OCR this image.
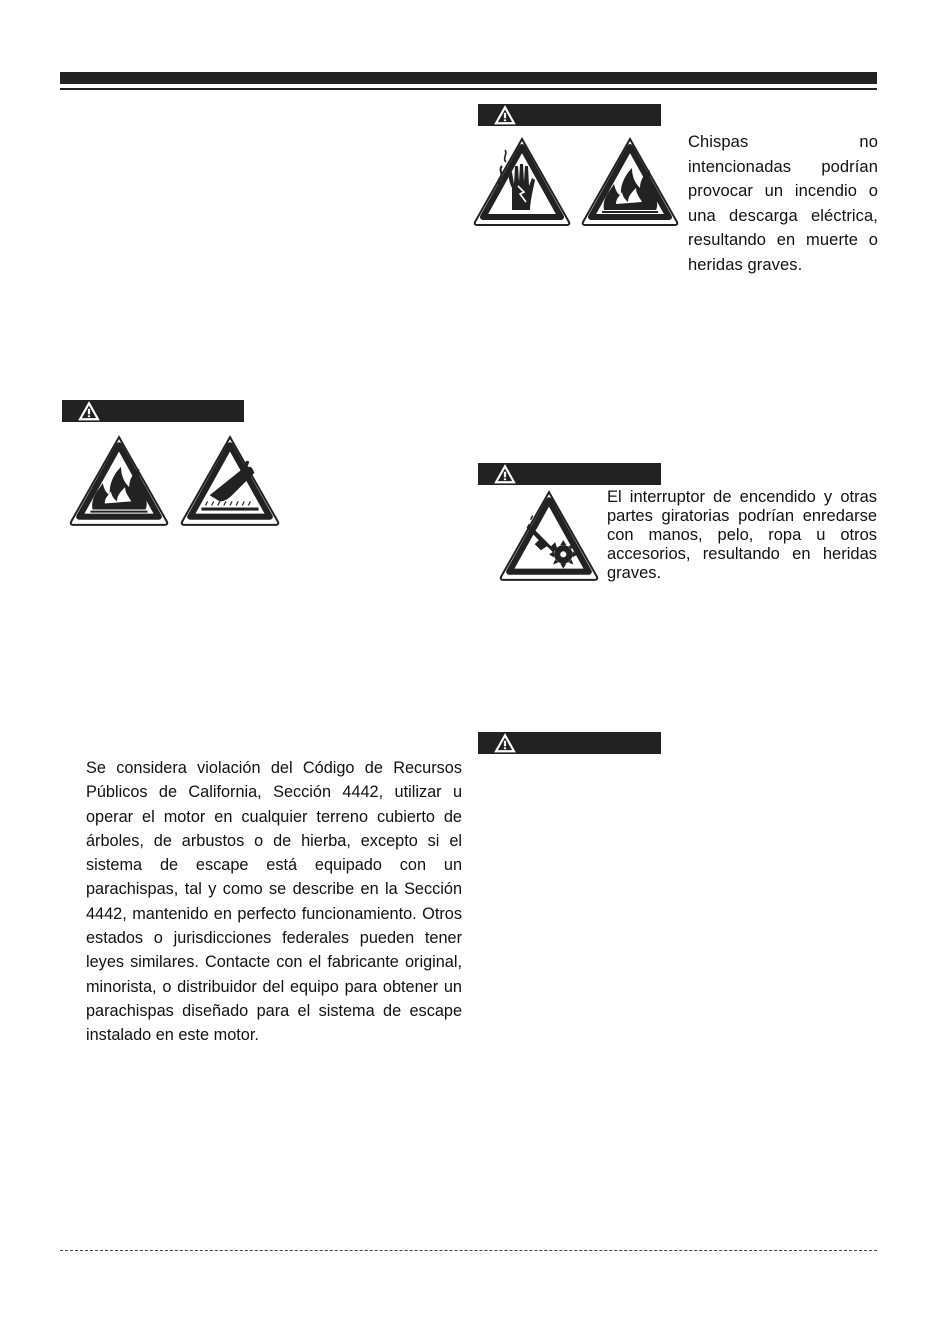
Chispas no intencionadas podrían provocar un incendio o una descarga eléctrica, resultando en muerte o heridas graves.

El interruptor de encendido y otras partes giratorias podrían enredarse con manos, pelo, ropa u otros accesorios, resultando en heridas graves.

Se considera violación del Código de Recursos Públicos de California, Sección 4442, utilizar u operar el motor en cualquier terreno cubierto de árboles, de arbustos o de hierba, excepto si el sistema de escape está equipado con un parachispas, tal y como se describe en la Sección 4442, mantenido en perfecto funcionamiento. Otros estados o jurisdicciones federales pueden tener leyes similares. Contacte con el fabricante original, minorista, o distribuidor del equipo para obtener un parachispas diseñado para el sistema de escape instalado en este motor.
